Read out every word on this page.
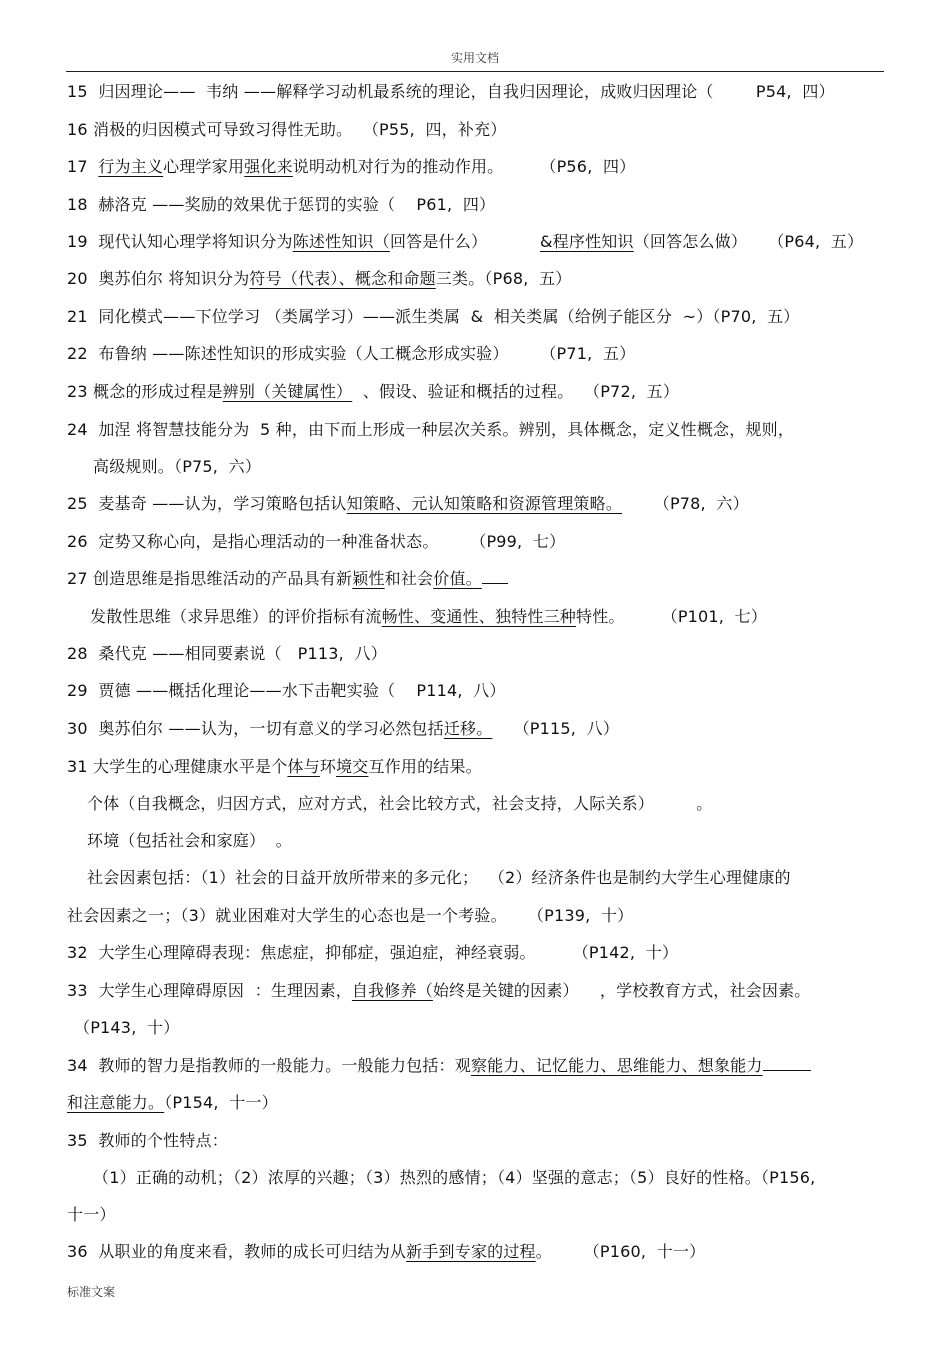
实用文档
15  归因理论——  韦纳 ——解释学习动机最系统的理论，自我归因理论，成败归因理论（        P54,  四）
16 消极的归因模式可导致习得性无助。  （P55,  四，补充）
17  行为主义心理学家用强化来说明动机对行为的推动作用。       （P56,  四）
18  赫洛克 ——奖励的效果优于惩罚的实验（    P61,  四）
19  现代认知心理学将知识分为陈述性知识（回答是什么）          &程序性知识（回答怎么做）    （P64,  五）
20  奥苏伯尔 将知识分为符号（代表）、概念和命题三类。（P68,  五）
21  同化模式——下位学习 （类属学习）——派生类属  &  相关类属（给例子能区分  ~）（P70,  五）
22  布鲁纳 ——陈述性知识的形成实验（人工概念形成实验）      （P71,  五）
23 概念的形成过程是辨别（关键属性）  、假设、验证和概括的过程。  （P72,  五）
24  加涅 将智慧技能分为  5 种，由下而上形成一种层次关系。辨别，具体概念，定义性概念，规则，
高级规则。（P75,  六）
25  麦基奇 ——认为，学习策略包括认知策略、元认知策略和资源管理策略。      （P78,  六）
26  定势又称心向，是指心理活动的一种准备状态。      （P99,  七）
27 创造思维是指思维活动的产品具有新颖性和社会价值。
发散性思维（求异思维）的评价指标有流畅性、变通性、独特性三种特性。       （P101,  七）
28  桑代克 ——相同要素说（   P113,  八）
29  贾德 ——概括化理论——水下击靶实验（    P114,  八）
30  奥苏伯尔 ——认为，一切有意义的学习必然包括迁移。    （P115,  八）
31 大学生的心理健康水平是个体与环境交互作用的结果。
个体（自我概念，归因方式，应对方式，社会比较方式，社会支持，人际关系）        。
环境（包括社会和家庭）  。
社会因素包括：（1）社会的日益开放所带来的多元化；  （2）经济条件也是制约大学生心理健康的
社会因素之一；（3）就业困难对大学生的心态也是一个考验。    （P139,  十）
32  大学生心理障碍表现：焦虑症，抑郁症，强迫症，神经衰弱。       （P142,  十）
33  大学生心理障碍原因  ：生理因素，自我修养（始终是关键的因素）    ，学校教育方式，社会因素。
（P143,  十）
34  教师的智力是指教师的一般能力。一般能力包括：观察能力、记忆能力、思维能力、想象能力
和注意能力。（P154,  十一）
35  教师的个性特点：
（1）正确的动机；（2）浓厚的兴趣；（3）热烈的感情；（4）坚强的意志；（5）良好的性格。（P156,
十一）
36  从职业的角度来看，教师的成长可归结为从新手到专家的过程。      （P160,  十一）
标准文案
